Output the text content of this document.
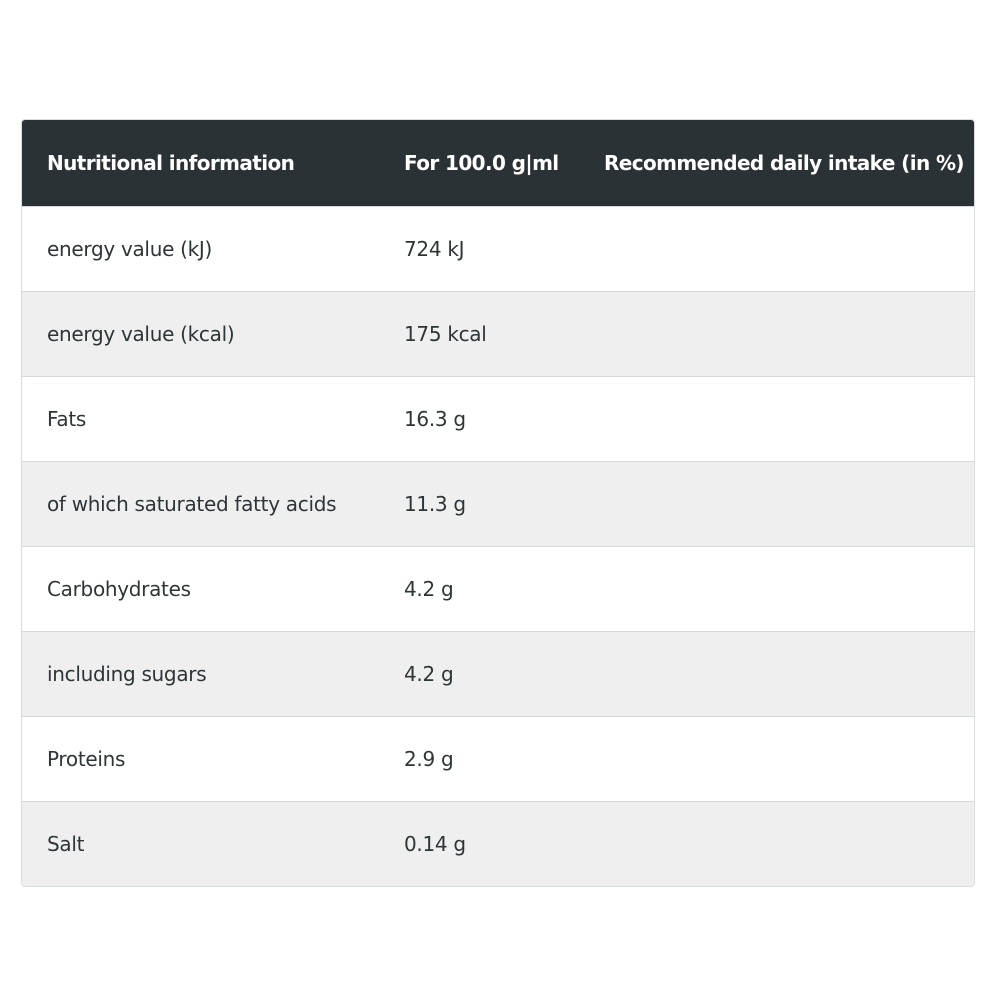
Nutritional information	For 100.0 g|ml	Recommended daily intake (in %)
energy value (kJ)	724 kJ	
energy value (kcal)	175 kcal	
Fats	16.3 g	
of which saturated fatty acids	11.3 g	
Carbohydrates	4.2 g	
including sugars	4.2 g	
Proteins	2.9 g	
Salt	0.14 g	
